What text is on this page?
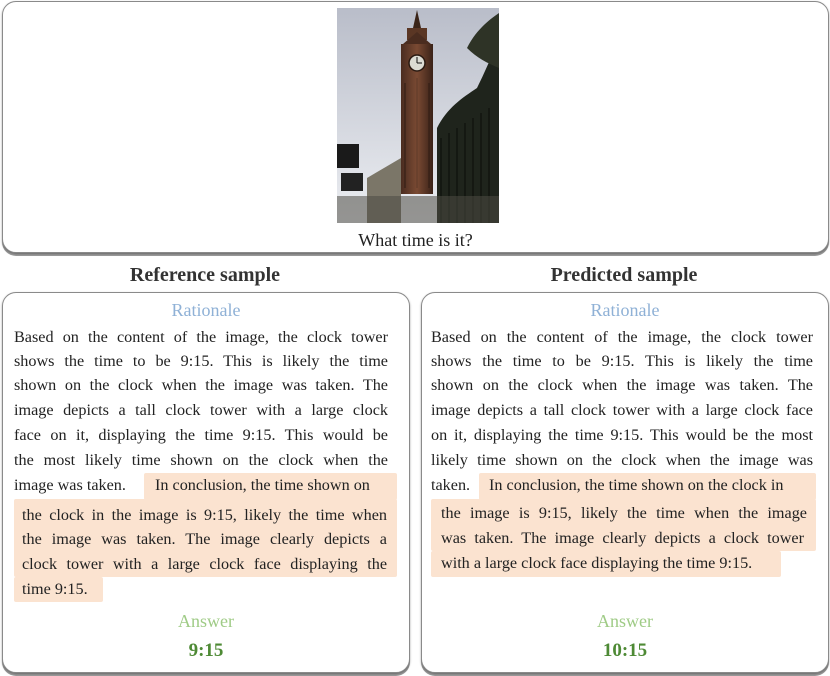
What time is it?
Reference sample	Predicted sample
Rationale
Based on the content of the image, the clock tower
shows the time to be 9:15. This is likely the time
shown on the clock when the image was taken. The
image depicts a tall clock tower with a large clock
face on it, displaying the time 9:15. This would be
the most likely time shown on the clock when the
image was taken. In conclusion, the time shown on
the clock in the image is 9:15, likely the time when
the image was taken. The image clearly depicts a
clock tower with a large clock face displaying the
time 9:15.
Answer
9:15
Rationale
Based on the content of the image, the clock tower
shows the time to be 9:15. This is likely the time
shown on the clock when the image was taken. The
image depicts a tall clock tower with a large clock face
on it, displaying the time 9:15. This would be the most
likely time shown on the clock when the image was
taken. In conclusion, the time shown on the clock in
the image is 9:15, likely the time when the image
was taken. The image clearly depicts a clock tower
with a large clock face displaying the time 9:15.
Answer
10:15
